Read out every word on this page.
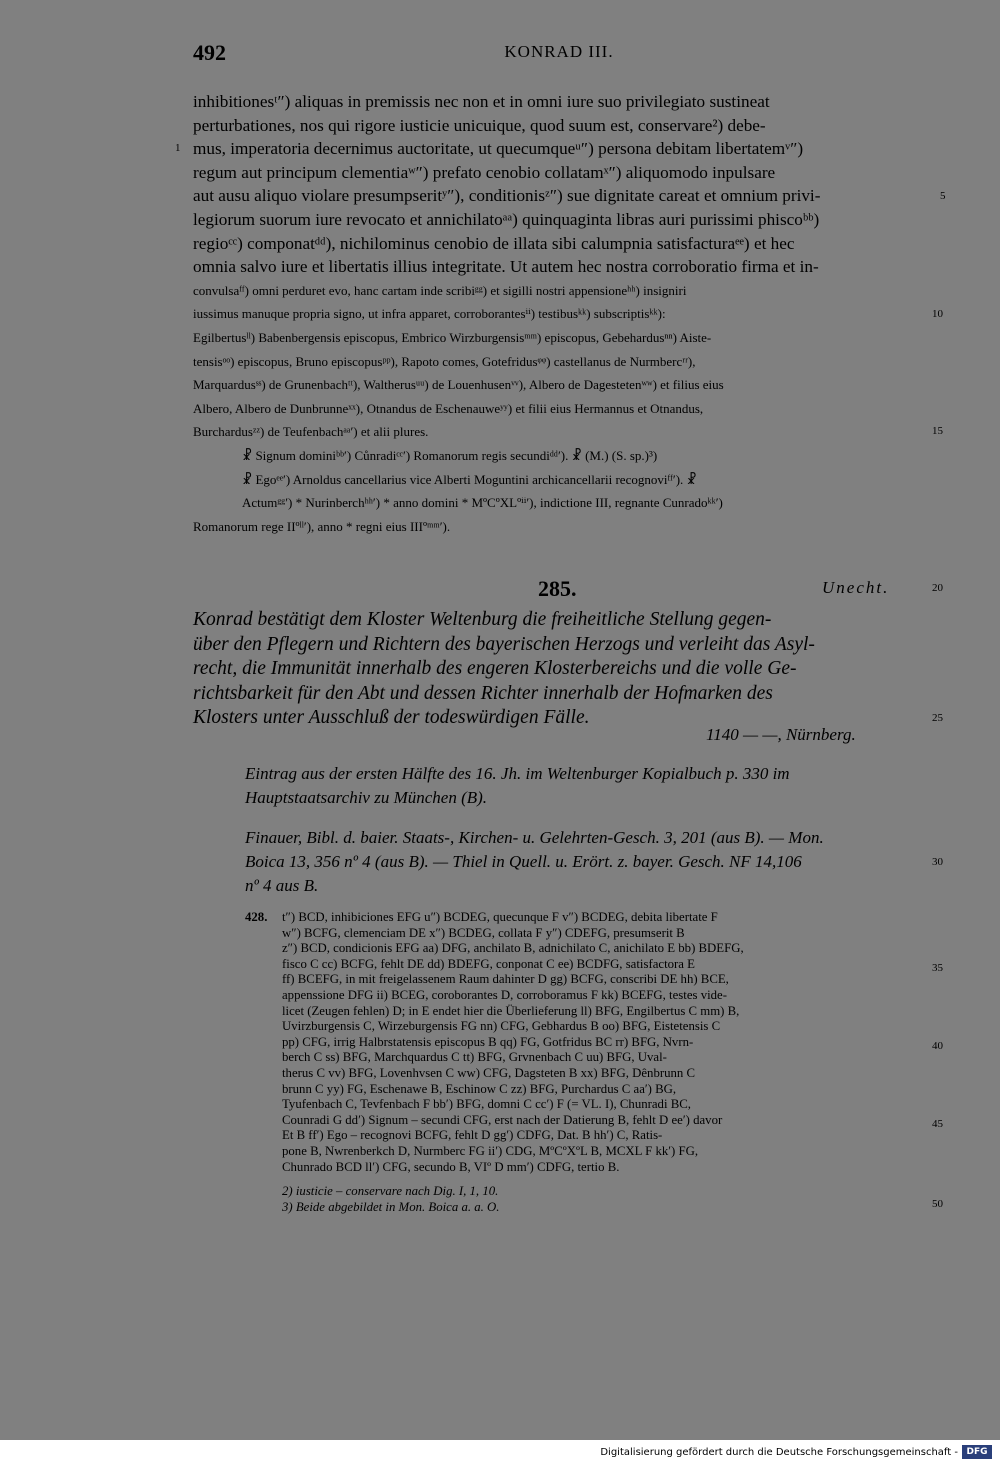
492	KONRAD III.
1
5
10
15
20
25
30
35
40
45
50

inhibitionesᵗ″) aliquas in premissis nec non et in omni iure suo privilegiato sustineat

perturbationes, nos qui rigore iusticie unicuique, quod suum est, conservare²) debe-

mus, imperatoria decernimus auctoritate, ut quecumqueᵘ″) persona debitam libertatemᵛ″)

regum aut principum clementiaʷ″) prefato cenobio collatamˣ″) aliquomodo inpulsare

aut ausu aliquo violare presumpseritʸ″), conditionisᶻ″) sue dignitate careat et omnium privi-

legiorum suorum iure revocato et annichilatoᵃᵃ) quinquaginta libras auri purissimi phiscoᵇᵇ)

regioᶜᶜ) componatᵈᵈ), nichilominus cenobio de illata sibi calumpnia satisfacturaᵉᵉ) et hec

omnia salvo iure et libertatis illius integritate. Ut autem hec nostra corroboratio firma et in-

convulsaᶠᶠ) omni perduret evo, hanc cartam inde scribiᵍᵍ) et sigilli nostri appensioneʰʰ) insigniri

iussimus manuque propria signo, ut infra apparet, corroborantesⁱⁱ) testibusᵏᵏ) subscriptisᵏᵏ):

Egilbertusˡˡ) Babenbergensis episcopus, Embrico Wirzburgensisᵐᵐ) episcopus, Gebehardusⁿⁿ) Aiste-

tensisᵒᵒ) episcopus, Bruno episcopusᵖᵖ), Rapoto comes, Gotefridusᵠᵠ) castellanus de Nurmbercʳʳ),

Marquardusˢˢ) de Grunenbachᵗᵗ), Waltherusᵘᵘ) de Louenhusenᵛᵛ), Albero de Dagestetenʷʷ) et filius eius

Albero, Albero de Dunbrunneˣˣ), Otnandus de Eschenauweʸʸ) et filii eius Hermannus et Otnandus,

Burchardusᶻᶻ) de Teufenbachᵃᵃ′) et alii plures.

☧ Signum dominiᵇᵇ′) Cůnradiᶜᶜ′) Romanorum regis secundiᵈᵈ′). ☧ (M.) (S. sp.)³)

☧ Egoᵉᵉ′) Arnoldus cancellarius vice Alberti Moguntini archicancellarii recognoviᶠᶠ′). ☧

Actumᵍᵍ′) * Nurinberchʰʰ′) * anno domini * MºCºXLºⁱⁱ′), indictione III, regnante Cunradoᵏᵏ′)

Romanorum rege IIºˡˡ′), anno * regni eius IIIºᵐᵐ′).
285.	Unecht.

Konrad bestätigt dem Kloster Weltenburg die freiheitliche Stellung gegen-

über den Pflegern und Richtern des bayerischen Herzogs und verleiht das Asyl-

recht, die Immunität innerhalb des engeren Klosterbereichs und die volle Ge-

richtsbarkeit für den Abt und dessen Richter innerhalb der Hofmarken des

Klosters unter Ausschluß der todeswürdigen Fälle.

1140 — —, Nürnberg.

Eintrag aus der ersten Hälfte des 16. Jh. im Weltenburger Kopialbuch p. 330 im

Hauptstaatsarchiv zu München (B).

Finauer, Bibl. d. baier. Staats-, Kirchen- u. Gelehrten-Gesch. 3, 201 (aus B). — Mon.

Boica 13, 356 nº 4 (aus B). — Thiel in Quell. u. Erört. z. bayer. Gesch. NF 14,106

nº 4 aus B.

428. t″) BCD, inhibiciones EFG u″) BCDEG, quecunque F v″) BCDEG, debita libertate F

w″) BCFG, clemenciam DE x″) BCDEG, collata F y″) CDEFG, presumserit B

z″) BCD, condicionis EFG aa) DFG, anchilato B, adnichilato C, anichilato E bb) BDEFG,

fisco C cc) BCFG, fehlt DE dd) BDEFG, conponat C ee) BCDFG, satisfactora E

ff) BCEFG, in mit freigelassenem Raum dahinter D gg) BCFG, conscribi DE hh) BCE,

appenssione DFG ii) BCEG, coroborantes D, corroboramus F kk) BCEFG, testes vide-

licet (Zeugen fehlen) D; in E endet hier die Überlieferung ll) BFG, Engilbertus C mm) B,

Uvirzburgensis C, Wirzeburgensis FG nn) CFG, Gebhardus B oo) BFG, Eistetensis C

pp) CFG, irrig Halbrstatensis episcopus B qq) FG, Gotfridus BC rr) BFG, Nvrn-

berch C ss) BFG, Marchquardus C tt) BFG, Grvnenbach C uu) BFG, Uval-

therus C vv) BFG, Lovenhvsen C ww) CFG, Dagsteten B xx) BFG, Dênbrunn C

brunn C yy) FG, Eschenawe B, Eschinow C zz) BFG, Purchardus C aa′) BG,

Tyufenbach C, Tevfenbach F bb′) BFG, domni C cc′) F (= VL. I), Chunradi BC,

Counradi G dd′) Signum – secundi CFG, erst nach der Datierung B, fehlt D ee′) davor

Et B ff′) Ego – recognovi BCFG, fehlt D gg′) CDFG, Dat. B hh′) C, Ratis-

pone B, Nwrenberkch D, Nurmberc FG ii′) CDG, MºCºXºL B, MCXL F kk′) FG,

Chunrado BCD ll′) CFG, secundo B, VIº D mm′) CDFG, tertio B.

2) iusticie – conservare nach Dig. I, 1, 10.

3) Beide abgebildet in Mon. Boica a. a. O.

Digitalisierung gefördert durch die Deutsche Forschungsgemeinschaft - DFG
